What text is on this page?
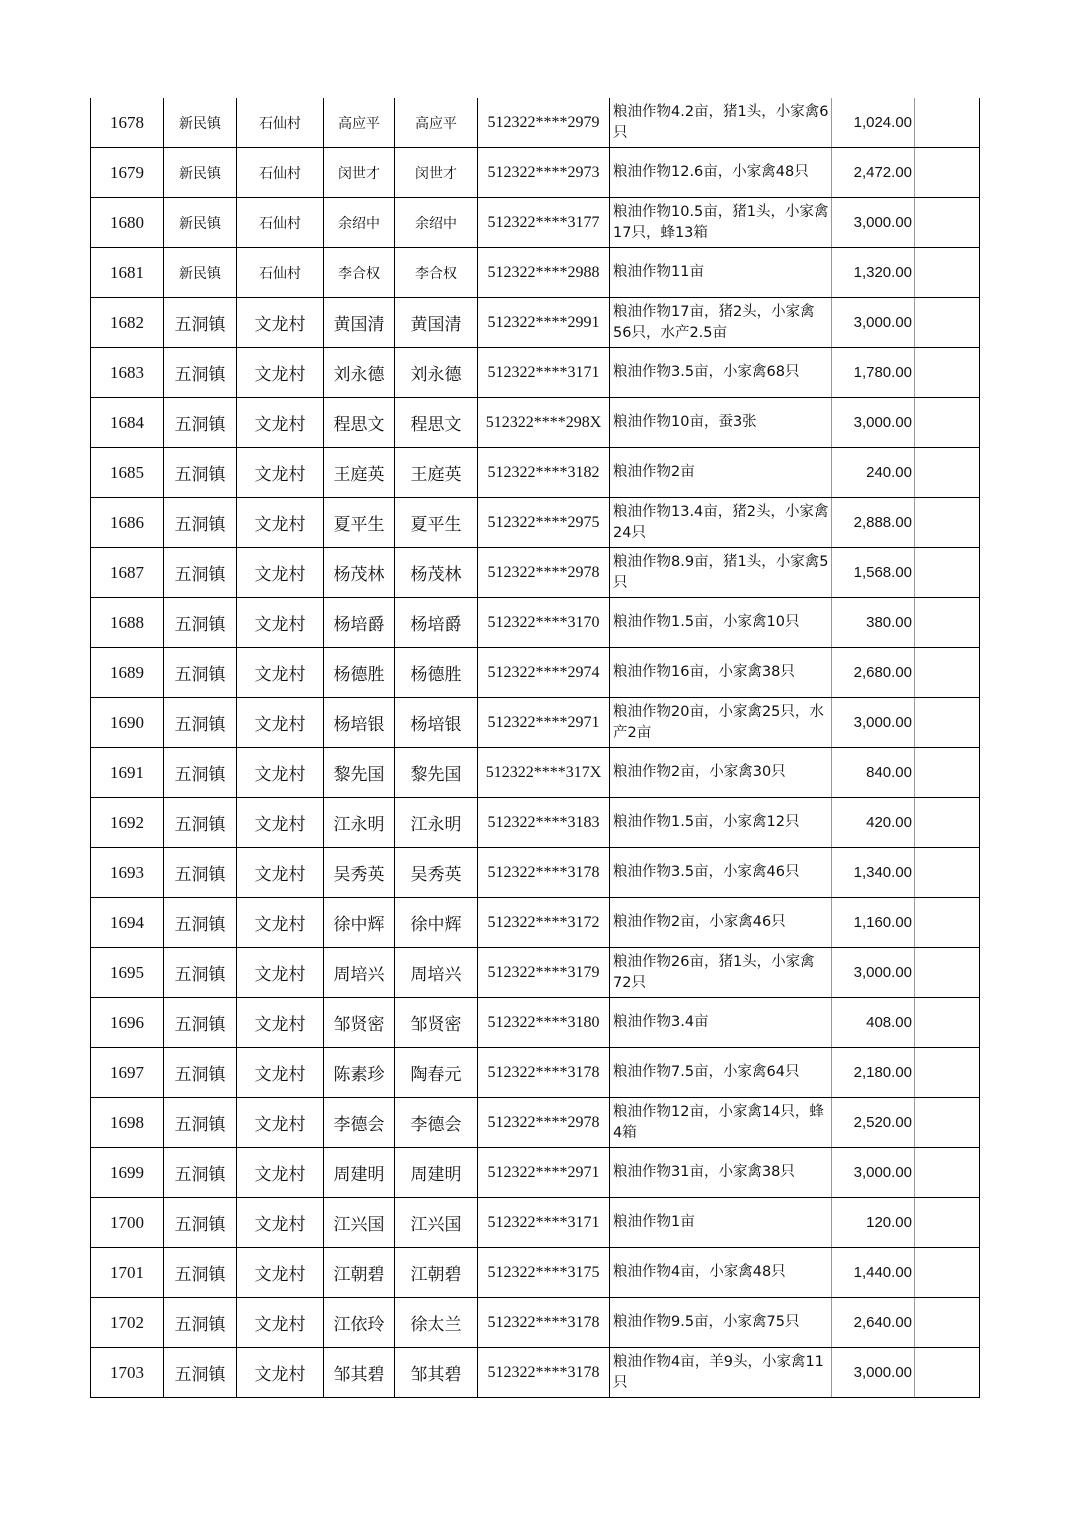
1678	新民镇	石仙村	高应平	高应平	512322****2979	粮油作物4.2亩，猪1头，小家禽6只	1,024.00	
1679	新民镇	石仙村	闵世才	闵世才	512322****2973	粮油作物12.6亩，小家禽48只	2,472.00	
1680	新民镇	石仙村	余绍中	余绍中	512322****3177	粮油作物10.5亩，猪1头，小家禽17只，蜂13箱	3,000.00	
1681	新民镇	石仙村	李合权	李合权	512322****2988	粮油作物11亩	1,320.00	
1682	五洞镇	文龙村	黄国清	黄国清	512322****2991	粮油作物17亩，猪2头，小家禽56只，水产2.5亩	3,000.00	
1683	五洞镇	文龙村	刘永德	刘永德	512322****3171	粮油作物3.5亩，小家禽68只	1,780.00	
1684	五洞镇	文龙村	程思文	程思文	512322****298X	粮油作物10亩，蚕3张	3,000.00	
1685	五洞镇	文龙村	王庭英	王庭英	512322****3182	粮油作物2亩	240.00	
1686	五洞镇	文龙村	夏平生	夏平生	512322****2975	粮油作物13.4亩，猪2头，小家禽24只	2,888.00	
1687	五洞镇	文龙村	杨茂林	杨茂林	512322****2978	粮油作物8.9亩，猪1头，小家禽5只	1,568.00	
1688	五洞镇	文龙村	杨培爵	杨培爵	512322****3170	粮油作物1.5亩，小家禽10只	380.00	
1689	五洞镇	文龙村	杨德胜	杨德胜	512322****2974	粮油作物16亩，小家禽38只	2,680.00	
1690	五洞镇	文龙村	杨培银	杨培银	512322****2971	粮油作物20亩，小家禽25只，水产2亩	3,000.00	
1691	五洞镇	文龙村	黎先国	黎先国	512322****317X	粮油作物2亩，小家禽30只	840.00	
1692	五洞镇	文龙村	江永明	江永明	512322****3183	粮油作物1.5亩，小家禽12只	420.00	
1693	五洞镇	文龙村	吴秀英	吴秀英	512322****3178	粮油作物3.5亩，小家禽46只	1,340.00	
1694	五洞镇	文龙村	徐中辉	徐中辉	512322****3172	粮油作物2亩，小家禽46只	1,160.00	
1695	五洞镇	文龙村	周培兴	周培兴	512322****3179	粮油作物26亩，猪1头，小家禽72只	3,000.00	
1696	五洞镇	文龙村	邹贤密	邹贤密	512322****3180	粮油作物3.4亩	408.00	
1697	五洞镇	文龙村	陈素珍	陶春元	512322****3178	粮油作物7.5亩，小家禽64只	2,180.00	
1698	五洞镇	文龙村	李德会	李德会	512322****2978	粮油作物12亩，小家禽14只，蜂4箱	2,520.00	
1699	五洞镇	文龙村	周建明	周建明	512322****2971	粮油作物31亩，小家禽38只	3,000.00	
1700	五洞镇	文龙村	江兴国	江兴国	512322****3171	粮油作物1亩	120.00	
1701	五洞镇	文龙村	江朝碧	江朝碧	512322****3175	粮油作物4亩，小家禽48只	1,440.00	
1702	五洞镇	文龙村	江依玲	徐太兰	512322****3178	粮油作物9.5亩，小家禽75只	2,640.00	
1703	五洞镇	文龙村	邹其碧	邹其碧	512322****3178	粮油作物4亩，羊9头，小家禽11只	3,000.00	
